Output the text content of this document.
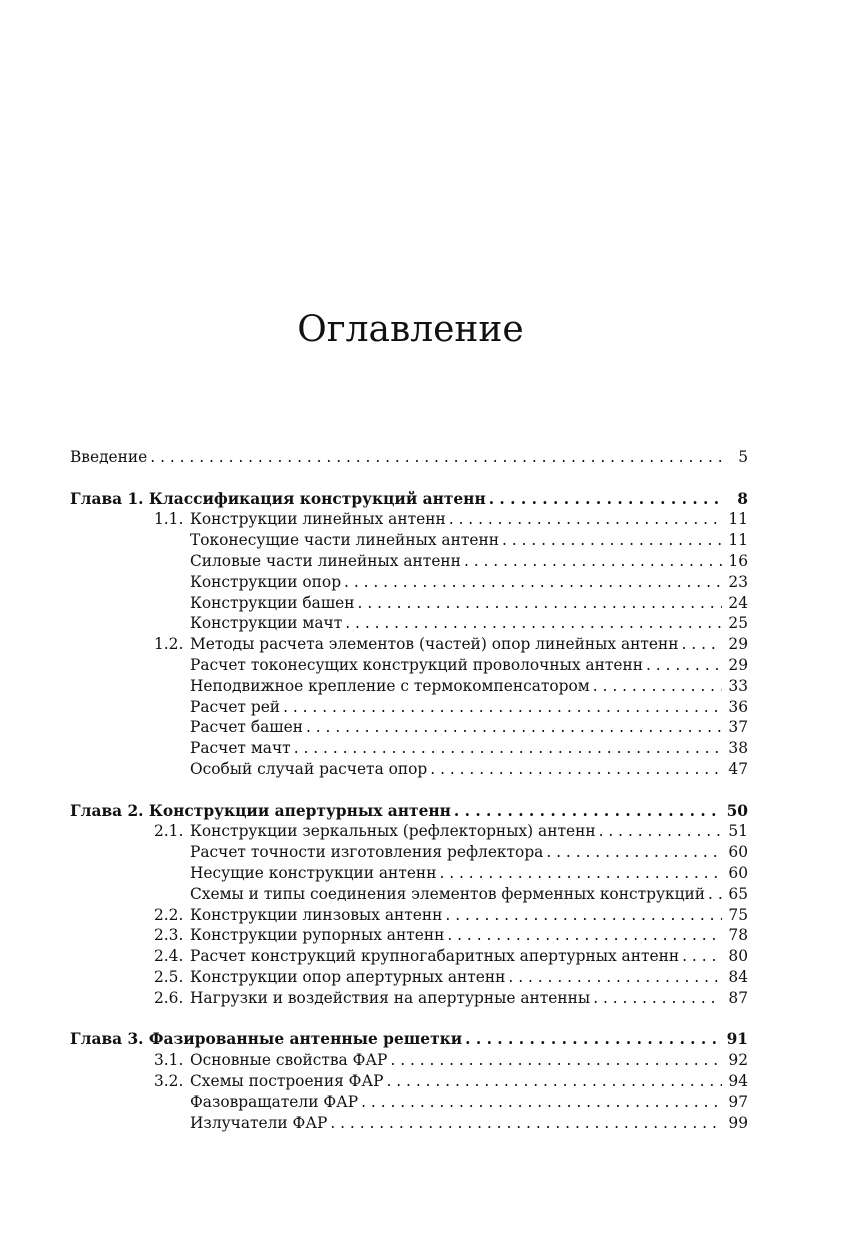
Оглавление
Введение . . .	5
Глава 1. Классификация конструкций антенн . . .	8
1.1. Конструкции линейных антенн . . .	11
Токонесущие части линейных антенн . . .	11
Силовые части линейных антенн . . .	16
Конструкции опор . . .	23
Конструкции башен . . .	24
Конструкции мачт . . .	25
1.2. Методы расчета элементов (частей) опор линейных антенн . . .	29
Расчет токонесущих конструкций проволочных антенн . . .	29
Неподвижное крепление с термокомпенсатором . . .	33
Расчет рей . . .	36
Расчет башен . . .	37
Расчет мачт . . .	38
Особый случай расчета опор . . .	47
Глава 2. Конструкции апертурных антенн . . .	50
2.1. Конструкции зеркальных (рефлекторных) антенн . . .	51
Расчет точности изготовления рефлектора . . .	60
Несущие конструкции антенн . . .	60
Схемы и типы соединения элементов ферменных конструкций . . . 65
2.2. Конструкции линзовых антенн . . .	75
2.3. Конструкции рупорных антенн . . .	78
2.4. Расчет конструкций крупногабаритных апертурных антенн . . .	80
2.5. Конструкции опор апертурных антенн . . .	84
2.6. Нагрузки и воздействия на апертурные антенны . . .	87
Глава 3. Фазированные антенные решетки . . .	91
3.1. Основные свойства ФАР . . .	92
3.2. Схемы построения ФАР . . .	94
Фазовращатели ФАР . . .	97
Излучатели ФАР . . .	99
